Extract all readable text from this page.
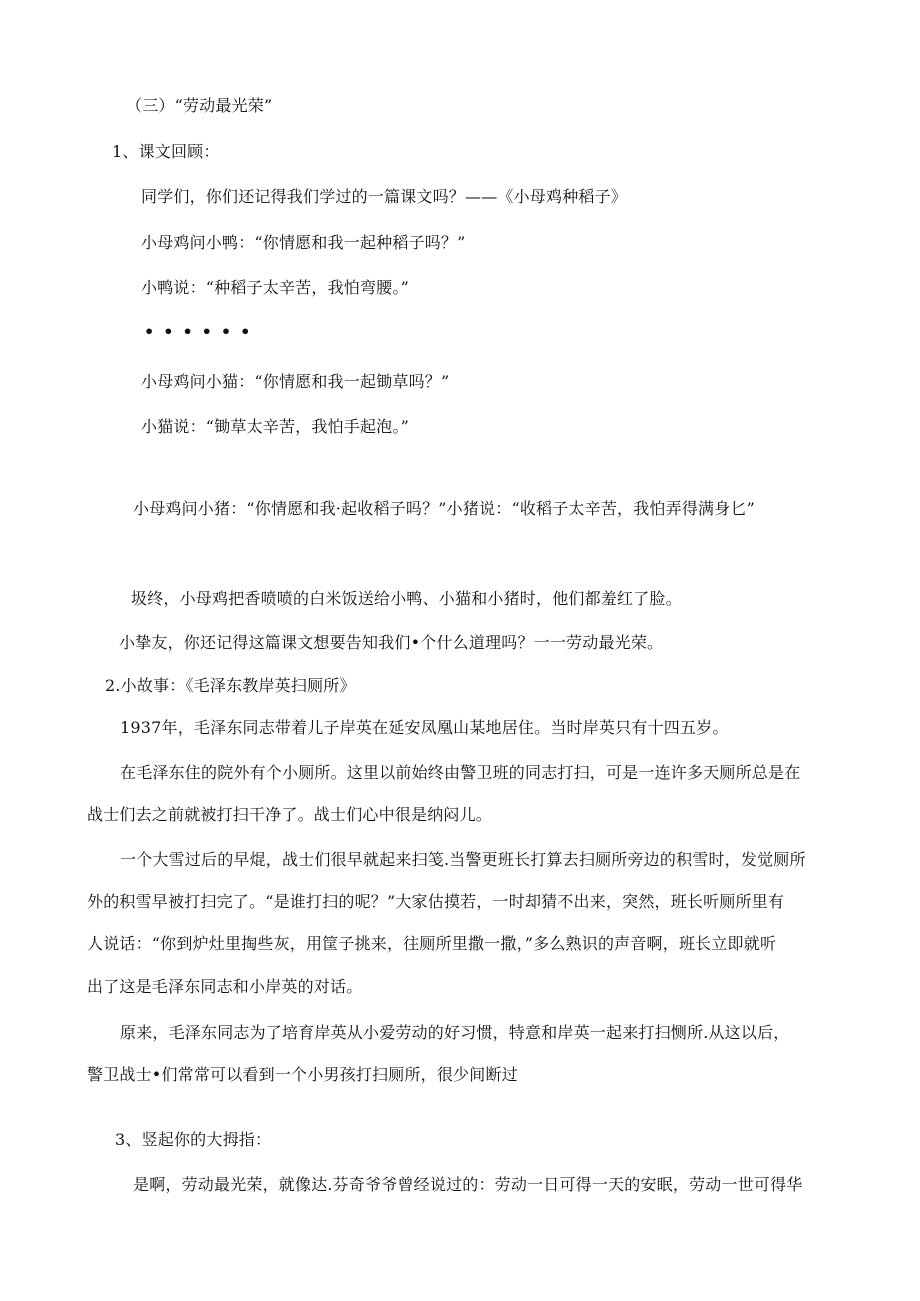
（三）“劳动最光荣”
1、课文回顾：
同学们，你们还记得我们学过的一篇课文吗？——《小母鸡种稻子》
小母鸡问小鸭：“你情愿和我一起种稻子吗？”
小鸭说：“种稻子太辛苦，我怕弯腰。”
••••••
小母鸡问小猫：“你情愿和我一起锄草吗？”
小猫说：“锄草太辛苦，我怕手起泡。”
小母鸡问小猪：“你情愿和我·起收稻子吗？”小猪说：“收稻子太辛苦，我怕弄得满身匕”
圾终，小母鸡把香喷喷的白米饭送给小鸭、小猫和小猪时，他们都羞红了脸。
小挚友，你还记得这篇课文想要告知我们•个什么道理吗？一一劳动最光荣。
2.小故事：《毛泽东教岸英扫厕所》
1937年，毛泽东同志带着儿子岸英在延安凤凰山某地居住。当时岸英只有十四五岁。
在毛泽东住的院外有个小厕所。这里以前始终由警卫班的同志打扫，可是一连许多天厕所总是在
战士们去之前就被打扫干净了。战士们心中很是纳闷儿。
一个大雪过后的早焜，战士们很早就起来扫笺.当警更班长打算去扫厕所旁边的积雪时，发觉厕所
外的积雪早被打扫完了。“是谁打扫的呢？”大家估摸若，一时却猜不出来，突然，班长听厕所里有
人说话：“你到炉灶里掏些灰，用筐子挑来，往厕所里撒一撒，”多么熟识的声音啊，班长立即就听
出了这是毛泽东同志和小岸英的对话。
原来，毛泽东同志为了培育岸英从小爱劳动的好习惯，特意和岸英一起来打扫恻所.从这以后，
警卫战士•们常常可以看到一个小男孩打扫厕所，很少间断过
3、竖起你的大拇指：
是啊，劳动最光荣，就像达.芬奇爷爷曾经说过的：劳动一日可得一天的安眠，劳动一世可得华
